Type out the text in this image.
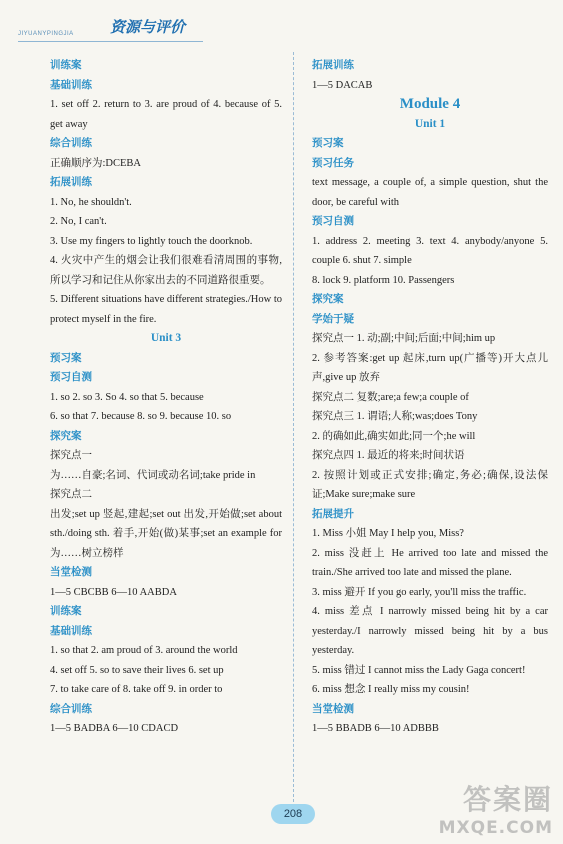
资源与评价
JIYUANYPINGJIA
训练案
基础训练
1. set off 2. return to 3. are proud of 4. because of 5. get away
综合训练
正确顺序为:DCEBA
拓展训练
1. No, he shouldn't.
2. No, I can't.
3. Use my fingers to lightly touch the doorknob.
4. 火灾中产生的烟会让我们很难看清周围的事物,所以学习和记住从你家出去的不同道路很重要。
5. Different situations have different strategies./How to protect myself in the fire.
Unit 3
预习案
预习自测
1. so 2. so 3. So 4. so that 5. because
6. so that 7. because 8. so 9. because 10. so
探究案
探究点一
为……自豪;名词、代词或动名词;take pride in
探究点二
出发;set up 竖起,建起;set out 出发,开始做;set about sth./doing sth. 着手,开始(做)某事;set an example for 为……树立榜样
当堂检测
1—5 CBCBB 6—10 AABDA
训练案
基础训练
1. so that 2. am proud of 3. around the world
4. set off 5. so to save their lives 6. set up
7. to take care of 8. take off 9. in order to
综合训练
1—5 BADBA 6—10 CDACD
拓展训练
1—5 DACAB
Module 4
Unit 1
预习案
预习任务
text message, a couple of, a simple question, shut the door, be careful with
预习自测
1. address 2. meeting 3. text 4. anybody/anyone 5. couple 6. shut 7. simple
8. lock 9. platform 10. Passengers
探究案
学始于疑
探究点一 1. 动;副;中间;后面;中间;him up
2. 参考答案:get up 起床,turn up(广播等)开大点儿声,give up 放弃
探究点二 复数;are;a few;a couple of
探究点三 1. 谓语;人称;was;does Tony
2. 的确如此,确实如此;同一个;he will
探究点四 1. 最近的将来;时间状语
2. 按照计划或正式安排;确定,务必;确保,设法保证;Make sure;make sure
拓展提升
1. Miss 小姐 May I help you, Miss?
2. miss 没赶上 He arrived too late and missed the train./She arrived too late and missed the plane.
3. miss 避开 If you go early, you'll miss the traffic.
4. miss 差点 I narrowly missed being hit by a car yesterday./I narrowly missed being hit by a bus yesterday.
5. miss 错过 I cannot miss the Lady Gaga concert!
6. miss 想念 I really miss my cousin!
当堂检测
1—5 BBADB 6—10 ADBBB
208	答案圈
MXQE.COM
